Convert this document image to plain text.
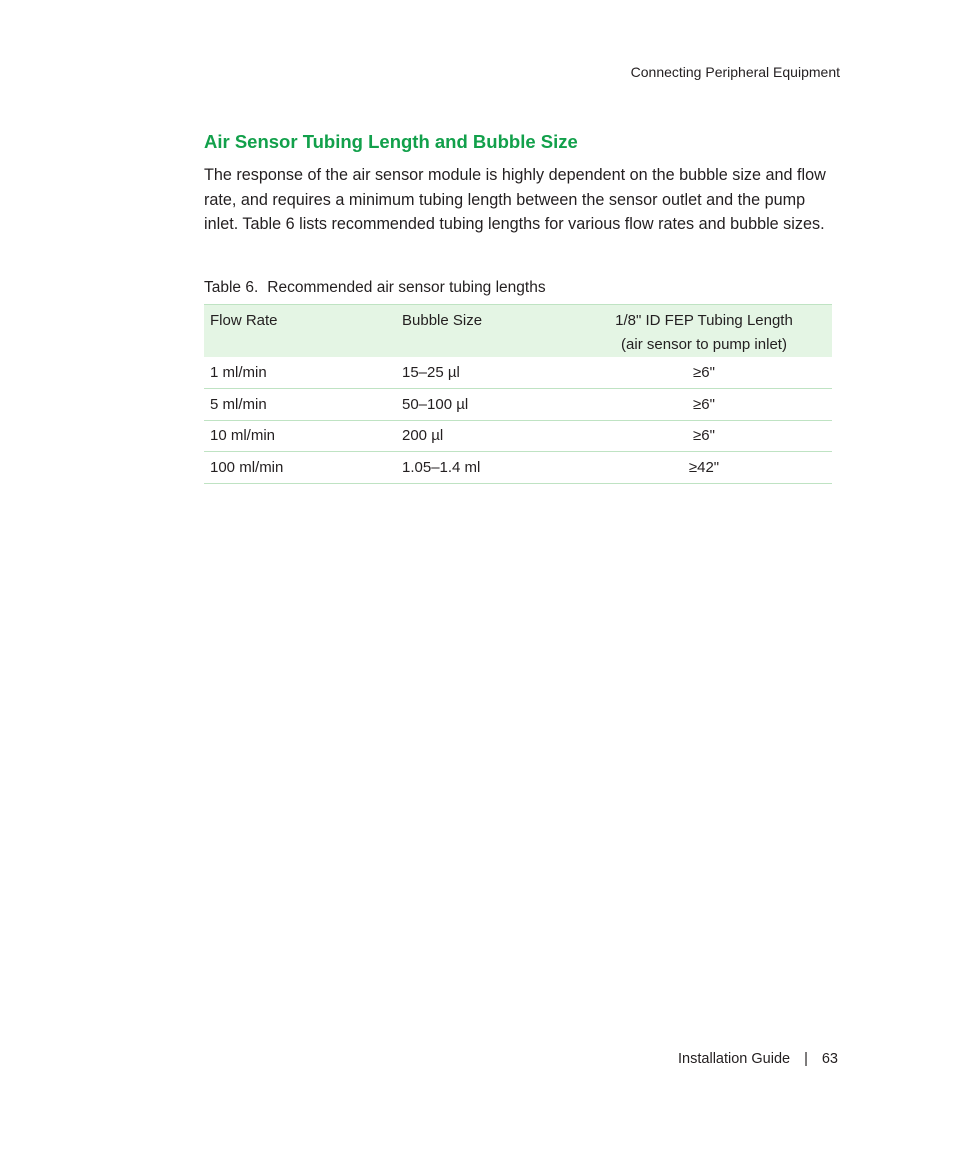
Connecting Peripheral Equipment
Air Sensor Tubing Length and Bubble Size

The response of the air sensor module is highly dependent on the bubble size and flow rate, and requires a minimum tubing length between the sensor outlet and the pump inlet. Table 6 lists recommended tubing lengths for various flow rates and bubble sizes.

Table 6. Recommended air sensor tubing lengths

Flow Rate	Bubble Size	1/8" ID FEP Tubing Length
(air sensor to pump inlet)

1 ml/min	15–25 µl	≥6"
5 ml/min	50–100 µl	≥6"
10 ml/min	200 µl	≥6"
100 ml/min	1.05–1.4 ml	≥42"
Installation Guide | 63
